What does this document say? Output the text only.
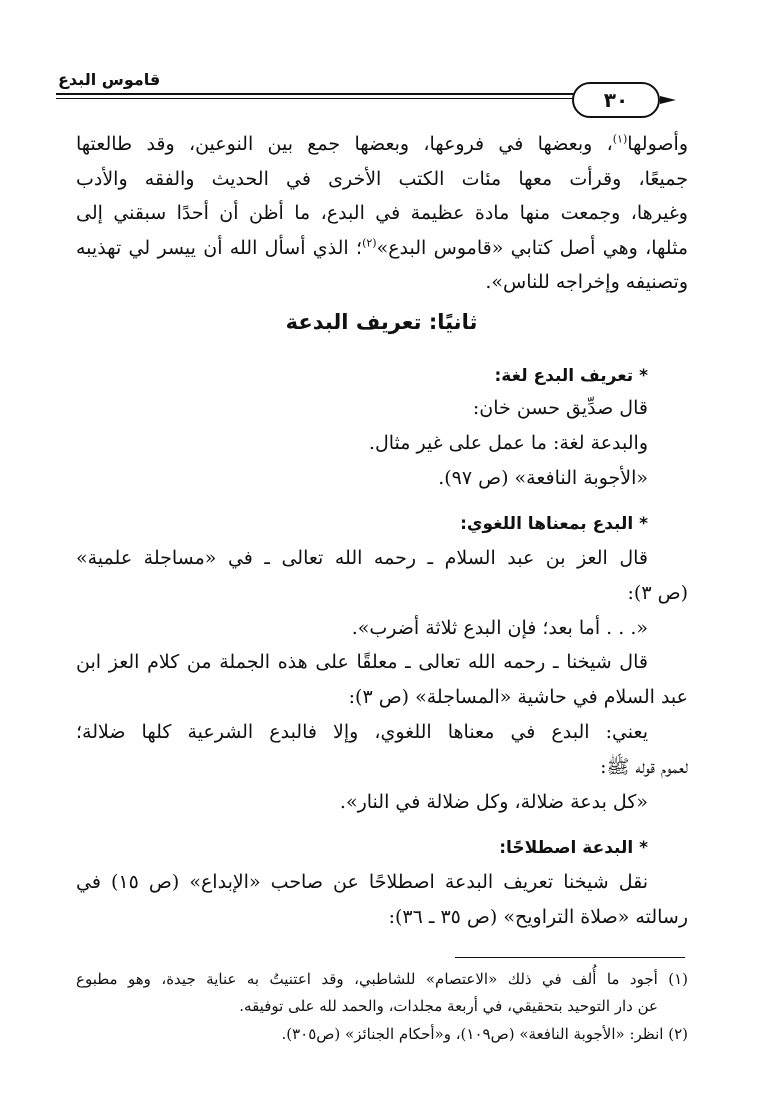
قاموس البدع
٣٠
وأصولها$^{(١)}$، وبعضها في فروعها، وبعضها جمع بين النوعين، وقد طالعتها
جميعًا، وقرأت معها مئات الكتب الأخرى في الحديث والفقه والأدب
وغيرها، وجمعت منها مادة عظيمة في البدع، ما أظن أن أحدًا سبقني إلى
مثلها، وهي أصل كتابي «قاموس البدع»$^{(٢)}$؛ الذي أسأل الله أن ييسر لي تهذيبه
وتصنيفه وإخراجه للناس».
ثانيًا: تعريف البدعة
* تعريف البدع لغة:
قال صدِّيق حسن خان:
والبدعة لغة: ما عمل على غير مثال.
«الأجوبة النافعة» (ص ٩٧).
* البدع بمعناها اللغوي:
قال العز بن عبد السلام ـ رحمه الله تعالى ـ في «مساجلة علمية»
(ص ٣):
«. . . أما بعد؛ فإن البدع ثلاثة أضرب».
قال شيخنا ـ رحمه الله تعالى ـ معلقًا على هذه الجملة من كلام العز ابن
عبد السلام في حاشية «المساجلة» (ص ٣):
يعني: البدع في معناها اللغوي، وإلا فالبدع الشرعية كلها ضلالة؛
لعموم قوله ﷺ:
«كل بدعة ضلالة، وكل ضلالة في النار».
* البدعة اصطلاحًا:
نقل شيخنا تعريف البدعة اصطلاحًا عن صاحب «الإبداع» (ص ١٥) في
رسالته «صلاة التراويح» (ص ٣٥ ـ ٣٦):
(١) أجود ما أُلف في ذلك «الاعتصام» للشاطبي، وقد اعتنيتُ به عناية جيدة، وهو مطبوع
عن دار التوحيد بتحقيقي، في أربعة مجلدات، والحمد لله على توفيقه.
(٢) انظر: «الأجوبة النافعة» (ص١٠٩)، و«أحكام الجنائز» (ص٣٠٥).
